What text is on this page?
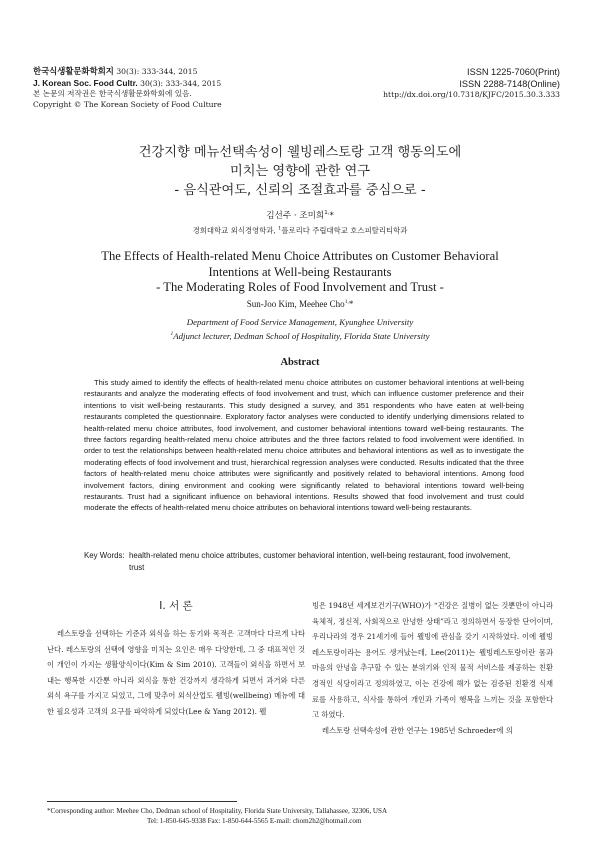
한국식생활문화학회지 30(3): 333-344, 2015
J. Korean Soc. Food Cultr. 30(3): 333-344, 2015
본 논문의 저작권은 한국식생활문화학회에 있음.
Copyright © The Korean Society of Food Culture
ISSN 1225-7060(Print)
ISSN 2288-7148(Online)
http://dx.doi.org/10.7318/KJFC/2015.30.3.333
건강지향 메뉴선택속성이 웰빙레스토랑 고객 행동의도에
미치는 영향에 관한 연구
- 음식관여도, 신뢰의 조절효과를 중심으로 -
김선주 · 조미희$^{1,}$*
경희대학교 외식경영학과, $^1$플로리다 주립대학교 호스피탈리티학과
The Effects of Health-related Menu Choice Attributes on Customer Behavioral
Intentions at Well-being Restaurants
- The Moderating Roles of Food Involvement and Trust -
Sun-Joo Kim, Meehee Cho$^{1,}$*
Department of Food Service Management, Kyunghee University
$^1$Adjunct lecturer, Dedman School of Hospitality, Florida State University
Abstract

This study aimed to identify the effects of health-related menu choice attributes on customer behavioral intentions at well-being restaurants and analyze the moderating effects of food involvement and trust, which can influence customer preference and their intentions to visit well-being restaurants. This study designed a survey, and 351 respondents who have eaten at well-being restaurants completed the questionnaire. Exploratory factor analyses were conducted to identify underlying dimensions related to health-related menu choice attributes, food involvement, and customer behavioral intentions toward well-being restaurants. The three factors regarding health-related menu choice attributes and the three factors related to food involvement were identified. In order to test the relationships between health-related menu choice attributes and behavioral intentions as well as to investigate the moderating effects of food involvement and trust, hierarchical regression analyses were conducted. Results indicated that the three factors of health-related menu choice attributes were significantly and positively related to behavioral intentions. Among food involvement factors, dining environment and cooking were significantly related to behavioral intentions toward well-being restaurants. Trust had a significant influence on behavioral intentions. Results showed that food involvement and trust could moderate the effects of health-related menu choice attributes on behavioral intentions toward well-being restaurants.

Key Words: health-related menu choice attributes, customer behavioral intention, well-being restaurant, food involvement, trust
Ⅰ. 서 론

레스토랑을 선택하는 기준과 외식을 하는 동기와 목적은 고객마다 다르게 나타난다. 레스토랑의 선택에 영향을 미치는 요인은 매우 다양한데, 그 중 대표적인 것이 개인이 가지는 생활양식이다(Kim & Sim 2010). 고객들이 외식을 하면서 보내는 행복한 시간뿐 아니라 외식을 통한 건강까지 생각하게 되면서 과거와 다른 외식 욕구를 가지고 되었고, 그에 맞추어 외식산업도 웰빙(wellbeing) 메뉴에 대한 필요성과 고객의 요구를 파악하게 되었다(Lee & Yang 2012). 웰

빙은 1948년 세계보건기구(WHO)가 “건강은 질병이 없는 것뿐만이 아니라 육체적, 정신적, 사회적으로 안녕한 상태”라고 정의하면서 등장한 단어이며, 우리나라의 경우 21세기에 들어 웰빙에 관심을 갖기 시작하였다. 이에 웰빙레스토랑이라는 용어도 생겨났는데, Lee(2011)는 웰빙레스토랑이란 몸과 마음의 안녕을 추구할 수 있는 분위기와 인적 물적 서비스를 제공하는 친환경적인 식당이라고 정의하였고, 이는 건강에 해가 없는 검증된 친환경 식재료를 사용하고, 식사를 통하여 개인과 가족이 행복을 느끼는 것을 포함한다고 하였다.

레스토랑 선택속성에 관한 연구는 1985년 Schroeder에 의

*Corresponding author: Meehee Cho, Dedman school of Hospitality, Florida State University, Tallahassee, 32306, USA
Tel: 1-850-645-9338 Fax: 1-850-644-5565 E-mail: chom2h2@hotmail.com
